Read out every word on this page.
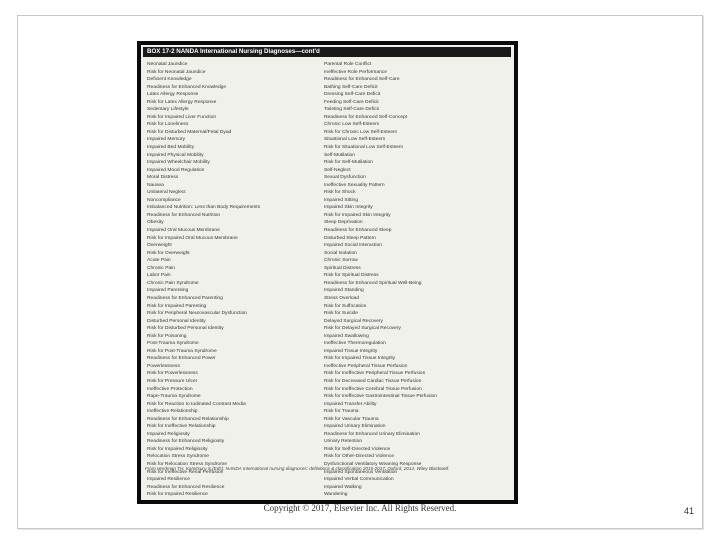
BOX 17-2 NANDA International Nursing Diagnoses—cont'd
Neonatal Jaundice
Risk for Neonatal Jaundice
Deficient Knowledge
Readiness for Enhanced Knowledge
Latex Allergy Response
Risk for Latex Allergy Response
Sedentary Lifestyle
Risk for Impaired Liver Function
Risk for Loneliness
Risk for Disturbed Maternal/Fetal Dyad
Impaired Memory
Impaired Bed Mobility
Impaired Physical Mobility
Impaired Wheelchair Mobility
Impaired Mood Regulation
Moral Distress
Nausea
Unilateral Neglect
Noncompliance
Imbalanced Nutrition: Less than Body Requirements
Readiness for Enhanced Nutrition
Obesity
Impaired Oral Mucous Membrane
Risk for Impaired Oral Mucous Membrane
Overweight
Risk for Overweight
Acute Pain
Chronic Pain
Labor Pain
Chronic Pain Syndrome
Impaired Parenting
Readiness for Enhanced Parenting
Risk for Impaired Parenting
Risk for Peripheral Neurovascular Dysfunction
Disturbed Personal Identity
Risk for Disturbed Personal Identity
Risk for Poisoning
Post-Trauma Syndrome
Risk for Post-Trauma Syndrome
Readiness for Enhanced Power
Powerlessness
Risk for Powerlessness
Risk for Pressure Ulcer
Ineffective Protection
Rape-Trauma Syndrome
Risk for Reaction to Iodinated Contrast Media
Ineffective Relationship
Readiness for Enhanced Relationship
Risk for Ineffective Relationship
Impaired Religiosity
Readiness for Enhanced Religiosity
Risk for Impaired Religiosity
Relocation Stress Syndrome
Risk for Relocation Stress Syndrome
Risk for Ineffective Renal Perfusion
Impaired Resilience
Readiness for Enhanced Resilience
Risk for Impaired Resilience
Parental Role Conflict
Ineffective Role Performance
Readiness for Enhanced Self-Care
Bathing Self-Care Deficit
Dressing Self-Care Deficit
Feeding Self-Care Deficit
Toileting Self-Care Deficit
Readiness for Enhanced Self-Concept
Chronic Low Self-Esteem
Risk for Chronic Low Self-Esteem
Situational Low Self-Esteem
Risk for Situational Low Self-Esteem
Self-Mutilation
Risk for Self-Mutilation
Self-Neglect
Sexual Dysfunction
Ineffective Sexuality Pattern
Risk for Shock
Impaired Sitting
Impaired Skin Integrity
Risk for Impaired Skin Integrity
Sleep Deprivation
Readiness for Enhanced Sleep
Disturbed Sleep Pattern
Impaired Social Interaction
Social Isolation
Chronic Sorrow
Spiritual Distress
Risk for Spiritual Distress
Readiness for Enhanced Spiritual Well-Being
Impaired Standing
Stress Overload
Risk for Suffocation
Risk for Suicide
Delayed Surgical Recovery
Risk for Delayed Surgical Recovery
Impaired Swallowing
Ineffective Thermoregulation
Impaired Tissue Integrity
Risk for Impaired Tissue Integrity
Ineffective Peripheral Tissue Perfusion
Risk for Ineffective Peripheral Tissue Perfusion
Risk for Decreased Cardiac Tissue Perfusion
Risk for Ineffective Cerebral Tissue Perfusion
Risk for Ineffective Gastrointestinal Tissue Perfusion
Impaired Transfer Ability
Risk for Trauma
Risk for Vascular Trauma
Impaired Urinary Elimination
Readiness for Enhanced Urinary Elimination
Urinary Retention
Risk for Self-Directed Violence
Risk for Other-Directed Violence
Dysfunctional Ventilatory Weaning Response
Impaired Spontaneous Ventilation
Impaired Verbal Communication
Impaired Walking
Wandering
From Herdman TH, Kamitsuru S (Eds): NANDA International nursing diagnoses: definitions & classification 2015-2017, Oxford, 2014, Wiley Blackwell.
Copyright © 2017, Elsevier Inc. All Rights Reserved.	41
